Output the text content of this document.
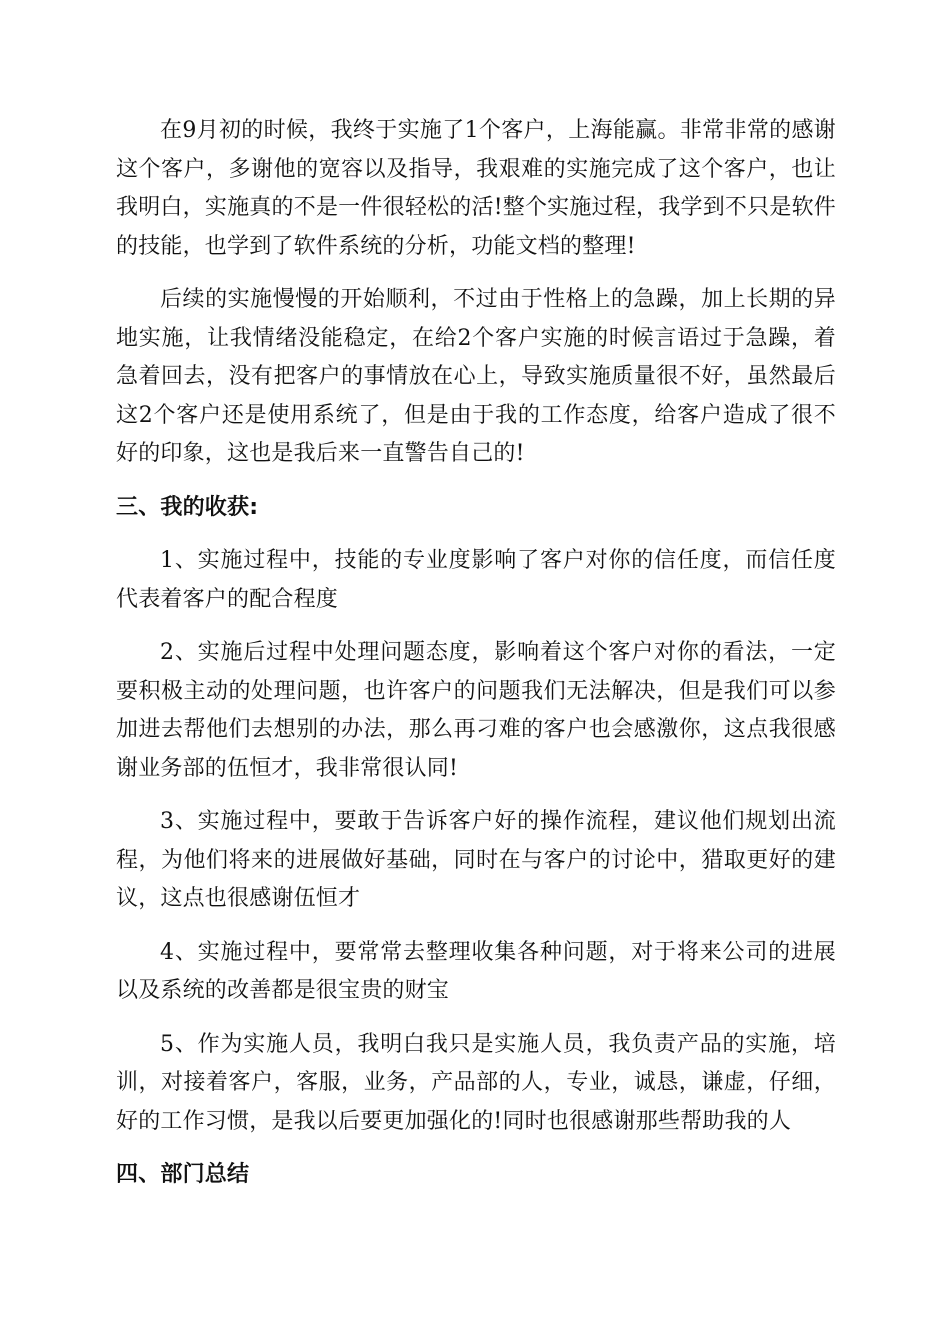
在9月初的时候，我终于实施了1个客户，上海能赢。非常非常的感谢这个客户，多谢他的宽容以及指导，我艰难的实施完成了这个客户，也让我明白，实施真的不是一件很轻松的活!整个实施过程，我学到不只是软件的技能，也学到了软件系统的分析，功能文档的整理!

后续的实施慢慢的开始顺利，不过由于性格上的急躁，加上长期的异地实施，让我情绪没能稳定，在给2个客户实施的时候言语过于急躁，着急着回去，没有把客户的事情放在心上，导致实施质量很不好，虽然最后这2个客户还是使用系统了，但是由于我的工作态度，给客户造成了很不好的印象，这也是我后来一直警告自己的!

三、我的收获:

1、实施过程中，技能的专业度影响了客户对你的信任度，而信任度代表着客户的配合程度

2、实施后过程中处理问题态度，影响着这个客户对你的看法，一定要积极主动的处理问题，也许客户的问题我们无法解决，但是我们可以参加进去帮他们去想别的办法，那么再刁难的客户也会感激你，这点我很感谢业务部的伍恒才，我非常很认同!

3、实施过程中，要敢于告诉客户好的操作流程，建议他们规划出流程，为他们将来的进展做好基础，同时在与客户的讨论中，猎取更好的建议，这点也很感谢伍恒才

4、实施过程中，要常常去整理收集各种问题，对于将来公司的进展以及系统的改善都是很宝贵的财宝

5、作为实施人员，我明白我只是实施人员，我负责产品的实施，培训，对接着客户，客服，业务，产品部的人，专业，诚恳，谦虚，仔细，好的工作习惯，是我以后要更加强化的!同时也很感谢那些帮助我的人

四、部门总结
